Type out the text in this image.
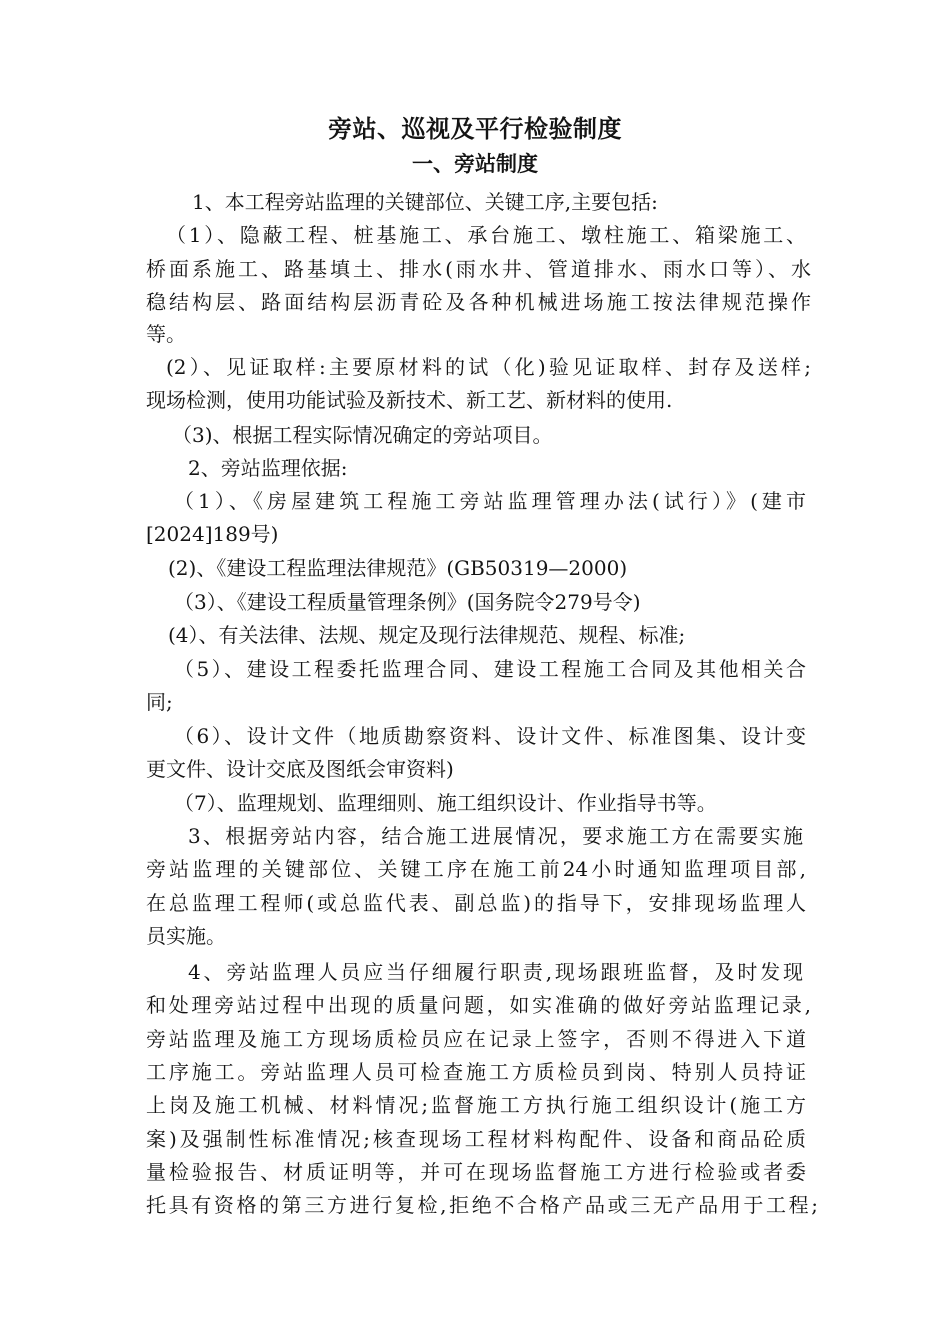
旁站、巡视及平行检验制度
一、旁站制度
1、本工程旁站监理的关键部位、关键工序,主要包括:
（1）、隐蔽工程、桩基施工、承台施工、墩柱施工、箱梁施工、
桥面系施工、路基填土、排水(雨水井、管道排水、雨水口等）、水
稳结构层、路面结构层沥青砼及各种机械进场施工按法律规范操作
等。
(2）、见证取样:主要原材料的试（化)验见证取样、封存及送样;
现场检测，使用功能试验及新技术、新工艺、新材料的使用.
（3)、根据工程实际情况确定的旁站项目。
2、旁站监理依据:
（1）、《房屋建筑工程施工旁站监理管理办法(试行）》(建市
[2024]189号)
(2)、《建设工程监理法律规范》(GB50319—2000)
（3）、《建设工程质量管理条例》(国务院令279号令)
(4）、有关法律、法规、规定及现行法律规范、规程、标准;
（5）、建设工程委托监理合同、建设工程施工合同及其他相关合
同;
（6）、设计文件（地质勘察资料、设计文件、标准图集、设计变
更文件、设计交底及图纸会审资料)
（7）、监理规划、监理细则、施工组织设计、作业指导书等。
3、根据旁站内容，结合施工进展情况，要求施工方在需要实施
旁站监理的关键部位、关键工序在施工前24小时通知监理项目部,
在总监理工程师(或总监代表、副总监)的指导下，安排现场监理人
员实施。
4、旁站监理人员应当仔细履行职责,现场跟班监督，及时发现
和处理旁站过程中出现的质量问题，如实准确的做好旁站监理记录,
旁站监理及施工方现场质检员应在记录上签字，否则不得进入下道
工序施工。旁站监理人员可检查施工方质检员到岗、特别人员持证
上岗及施工机械、材料情况;监督施工方执行施工组织设计(施工方
案)及强制性标准情况;核查现场工程材料构配件、设备和商品砼质
量检验报告、材质证明等，并可在现场监督施工方进行检验或者委
托具有资格的第三方进行复检,拒绝不合格产品或三无产品用于工程;
